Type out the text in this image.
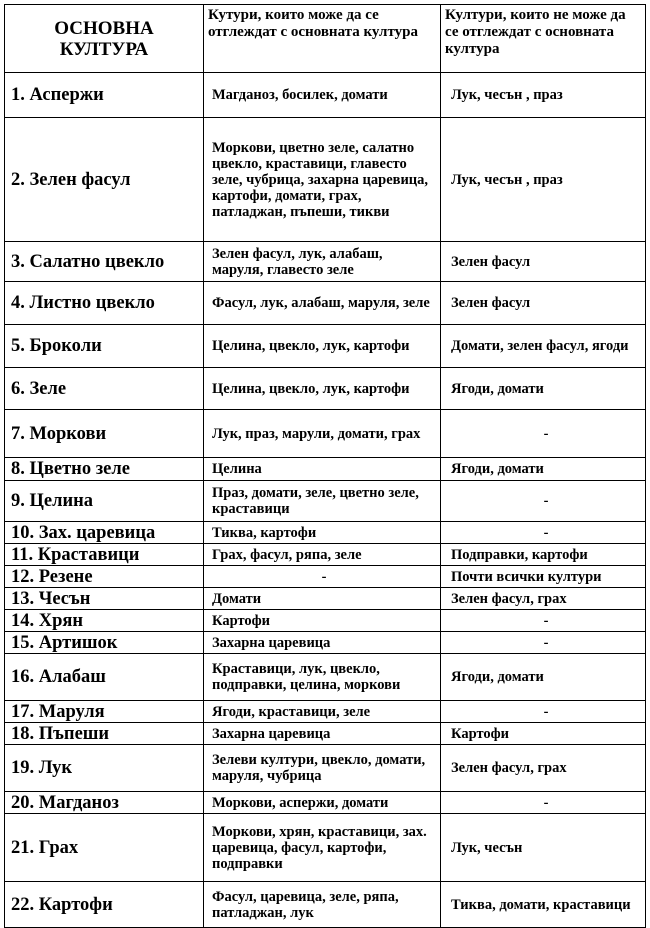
ОСНОВНА КУЛТУРА	Кутури, които може да се отглеждат с основната култура	Култури, които не може да се отглеждат с основната култура
1. Аспержи	Магданоз, босилек, домати	Лук, чесън , праз
2. Зелен фасул	Моркови, цветно зеле, салатно цвекло, краставици, главесто зеле, чубрица, захарна царевица, картофи, домати, грах, патладжан, пъпеши, тикви	Лук, чесън , праз
3. Салатно цвекло	Зелен фасул, лук, алабаш, маруля, главесто зеле	Зелен фасул
4. Листно цвекло	Фасул, лук, алабаш, маруля, зеле	Зелен фасул
5. Броколи	Целина, цвекло, лук, картофи	Домати, зелен фасул, ягоди
6. Зеле	Целина, цвекло, лук, картофи	Ягоди, домати
7. Моркови	Лук, праз, марули, домати, грах	-
8. Цветно зеле	Целина	Ягоди, домати
9. Целина	Праз, домати, зеле, цветно зеле, краставици	-
10. Зах. царевица	Тиква, картофи	-
11. Краставици	Грах, фасул, ряпа, зеле	Подправки, картофи
12. Резене	-	Почти всички култури
13. Чесън	Домати	Зелен фасул, грах
14. Хрян	Картофи	-
15. Артишок	Захарна царевица	-
16. Алабаш	Краставици, лук, цвекло, подправки, целина, моркови	Ягоди, домати
17. Маруля	Ягоди, краставици, зеле	-
18. Пъпеши	Захарна царевица	Картофи
19. Лук	Зелеви култури, цвекло, домати, маруля, чубрица	Зелен фасул, грах
20. Магданоз	Моркови, аспержи, домати	-
21. Грах	Моркови, хрян, краставици, зах. царевица, фасул, картофи, подправки	Лук, чесън
22. Картофи	Фасул, царевица, зеле, ряпа, патладжан, лук	Тиква, домати, краставици
